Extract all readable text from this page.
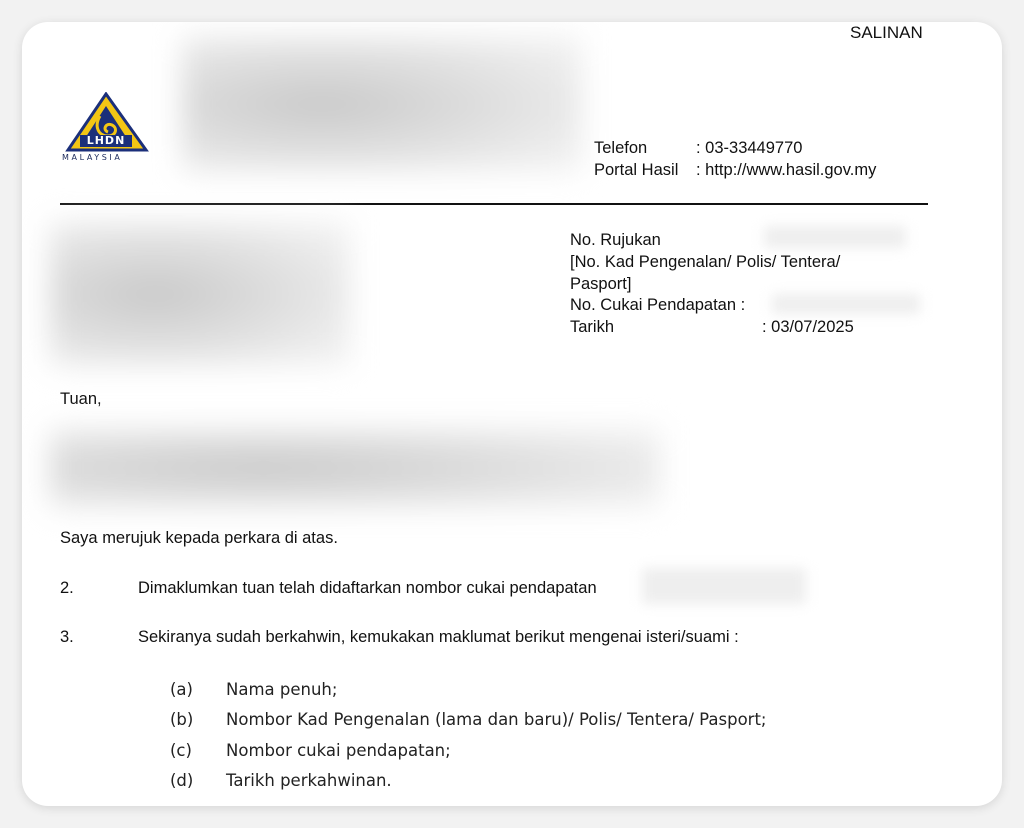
SALINAN
LHDN
MALAYSIA
Telefon	: 03-33449770
Portal Hasil : http://www.hasil.gov.my
No. Rujukan
[No. Kad Pengenalan/ Polis/ Tentera/
Pasport]
No. Cukai Pendapatan :
Tarikh	: 03/07/2025
Tuan,
Saya merujuk kepada perkara di atas.
2.	Dimaklumkan tuan telah didaftarkan nombor cukai pendapatan
3.	Sekiranya sudah berkahwin, kemukakan maklumat berikut mengenai isteri/suami :
(a) Nama penuh;
(b) Nombor Kad Pengenalan (lama dan baru)/ Polis/ Tentera/ Pasport;
(c) Nombor cukai pendapatan;
(d) Tarikh perkahwinan.
